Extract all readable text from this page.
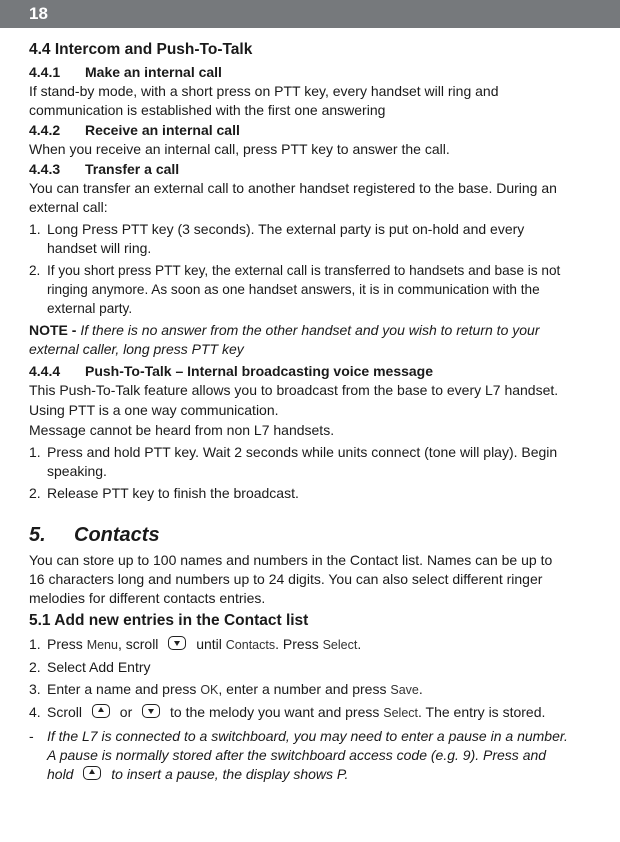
18
4.4 Intercom and Push-To-Talk
4.4.1 Make an internal call
If stand-by mode, with a short press on PTT key, every handset will ring and communication is established with the first one answering
4.4.2 Receive an internal call
When you receive an internal call, press PTT key to answer the call.
4.4.3 Transfer a call
You can transfer an external call to another handset registered to the base. During an external call:
1. Long Press PTT key (3 seconds). The external party is put on-hold and every handset will ring.
2. If you short press PTT key, the external call is transferred to handsets and base is not ringing anymore. As soon as one handset answers, it is in communication with the external party.
NOTE - If there is no answer from the other handset and you wish to return to your external caller, long press PTT key
4.4.4 Push-To-Talk – Internal broadcasting voice message
This Push-To-Talk feature allows you to broadcast from the base to every L7 handset.
Using PTT is a one way communication.
Message cannot be heard from non L7 handsets.
1. Press and hold PTT key. Wait 2 seconds while units connect (tone will play). Begin speaking.
2. Release PTT key to finish the broadcast.
5. Contacts
You can store up to 100 names and numbers in the Contact list. Names can be up to 16 characters long and numbers up to 24 digits. You can also select different ringer melodies for different contacts entries.
5.1 Add new entries in the Contact list
1. Press Menu, scroll  until Contacts. Press Select.
2. Select Add Entry
3. Enter a name and press OK, enter a number and press Save.
4. Scroll  or  to the melody you want and press Select. The entry is stored.
- If the L7 is connected to a switchboard, you may need to enter a pause in a number. A pause is normally stored after the switchboard access code (e.g. 9). Press and hold  to insert a pause, the display shows P.
